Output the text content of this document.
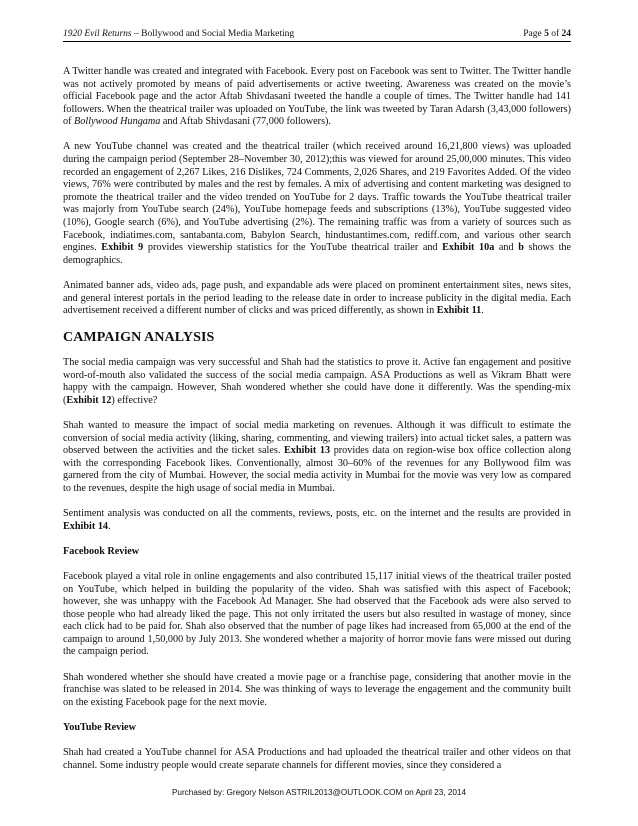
1920 Evil Returns – Bollywood and Social Media Marketing	Page 5 of 24

A Twitter handle was created and integrated with Facebook. Every post on Facebook was sent to Twitter. The Twitter handle was not actively promoted by means of paid advertisements or active tweeting. Awareness was created on the movie’s official Facebook page and the actor Aftab Shivdasani tweeted the handle a couple of times. The Twitter handle had 141 followers. When the theatrical trailer was uploaded on YouTube, the link was tweeted by Taran Adarsh (3,43,000 followers) of Bollywood Hungama and Aftab Shivdasani (77,000 followers).

A new YouTube channel was created and the theatrical trailer (which received around 16,21,800 views) was uploaded during the campaign period (September 28–November 30, 2012);this was viewed for around 25,00,000 minutes. This video recorded an engagement of 2,267 Likes, 216 Dislikes, 724 Comments, 2,026 Shares, and 219 Favorites Added. Of the video views, 76% were contributed by males and the rest by females. A mix of advertising and content marketing was designed to promote the theatrical trailer and the video trended on YouTube for 2 days. Traffic towards the YouTube theatrical trailer was majorly from YouTube search (24%), YouTube homepage feeds and subscriptions (13%), YouTube suggested video (10%), Google search (6%), and YouTube advertising (2%). The remaining traffic was from a variety of sources such as Facebook, indiatimes.com, santabanta.com, Babylon Search, hindustantimes.com, rediff.com, and various other search engines. Exhibit 9 provides viewership statistics for the YouTube theatrical trailer and Exhibit 10a and b shows the demographics.

Animated banner ads, video ads, page push, and expandable ads were placed on prominent entertainment sites, news sites, and general interest portals in the period leading to the release date in order to increase publicity in the digital media. Each advertisement received a different number of clicks and was priced differently, as shown in Exhibit 11.

CAMPAIGN ANALYSIS

The social media campaign was very successful and Shah had the statistics to prove it. Active fan engagement and positive word-of-mouth also validated the success of the social media campaign. ASA Productions as well as Vikram Bhatt were happy with the campaign. However, Shah wondered whether she could have done it differently. Was the spending-mix (Exhibit 12) effective?

Shah wanted to measure the impact of social media marketing on revenues. Although it was difficult to estimate the conversion of social media activity (liking, sharing, commenting, and viewing trailers) into actual ticket sales, a pattern was observed between the activities and the ticket sales. Exhibit 13 provides data on region-wise box office collection along with the corresponding Facebook likes. Conventionally, almost 30–60% of the revenues for any Bollywood film was garnered from the city of Mumbai. However, the social media activity in Mumbai for the movie was very low as compared to the revenues, despite the high usage of social media in Mumbai.

Sentiment analysis was conducted on all the comments, reviews, posts, etc. on the internet and the results are provided in Exhibit 14.

Facebook Review

Facebook played a vital role in online engagements and also contributed 15,117 initial views of the theatrical trailer posted on YouTube, which helped in building the popularity of the video. Shah was satisfied with this aspect of Facebook; however, she was unhappy with the Facebook Ad Manager. She had observed that the Facebook ads were also served to those people who had already liked the page. This not only irritated the users but also resulted in wastage of money, since each click had to be paid for. Shah also observed that the number of page likes had increased from 65,000 at the end of the campaign to around 1,50,000 by July 2013. She wondered whether a majority of horror movie fans were missed out during the campaign period.

Shah wondered whether she should have created a movie page or a franchise page, considering that another movie in the franchise was slated to be released in 2014. She was thinking of ways to leverage the engagement and the community built on the existing Facebook page for the next movie.

YouTube Review

Shah had created a YouTube channel for ASA Productions and had uploaded the theatrical trailer and other videos on that channel. Some industry people would create separate channels for different movies, since they considered a

Purchased by: Gregory Nelson ASTRIL2013@OUTLOOK.COM on April 23, 2014
